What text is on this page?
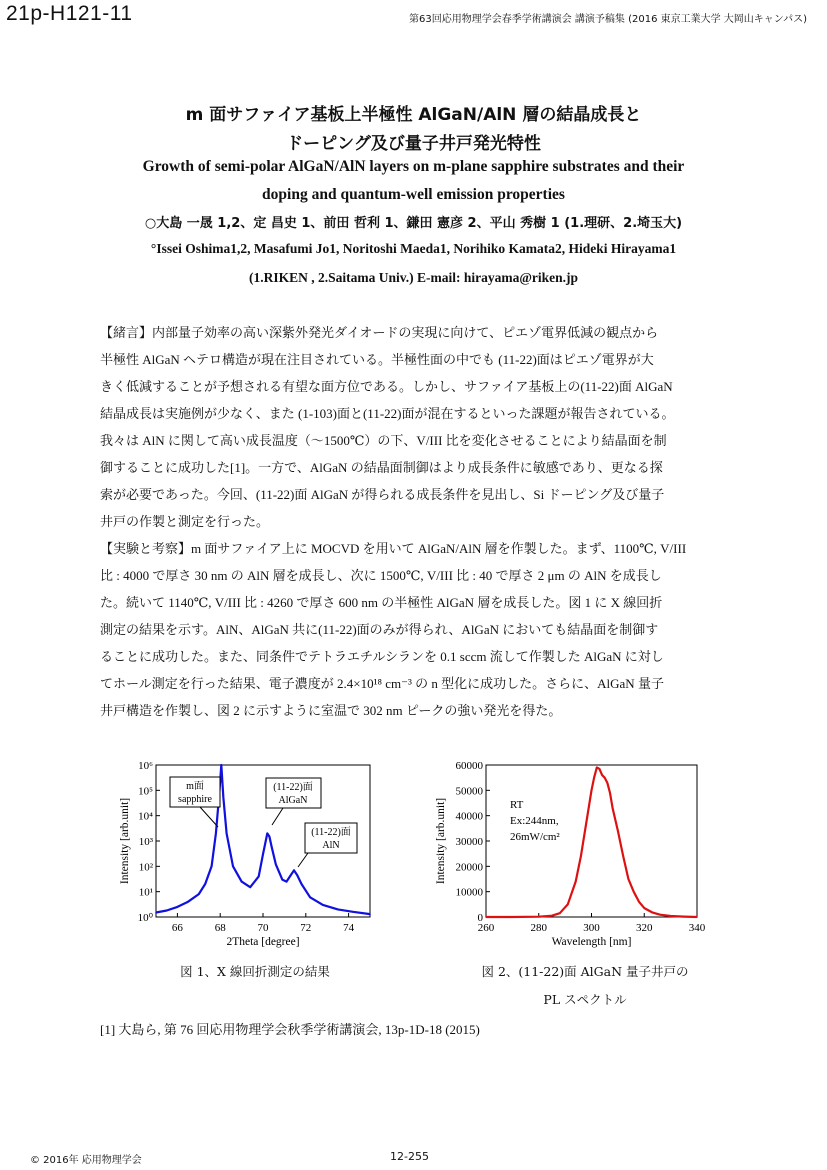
21p-H121-11	第63回応用物理学会春季学術講演会 講演予稿集 (2016 東京工業大学 大岡山キャンパス)
m 面サファイア基板上半極性 AlGaN/AlN 層の結晶成長と
ドーピング及び量子井戸発光特性
Growth of semi-polar AlGaN/AlN layers on m-plane sapphire substrates and their
doping and quantum-well emission properties
○大島 一晟 1,2、定 昌史 1、前田 哲利 1、鎌田 憲彦 2、平山 秀樹 1 (1.理研、2.埼玉大)
°Issei Oshima1,2, Masafumi Jo1, Noritoshi Maeda1, Norihiko Kamata2, Hideki Hirayama1
(1.RIKEN , 2.Saitama Univ.) E-mail: hirayama@riken.jp
【緒言】内部量子効率の高い深紫外発光ダイオードの実現に向けて、ピエゾ電界低減の観点から
半極性 AlGaN ヘテロ構造が現在注目されている。半極性面の中でも (11-22)面はピエゾ電界が大
きく低減することが予想される有望な面方位である。しかし、サファイア基板上の(11-22)面 AlGaN
結晶成長は実施例が少なく、また (1-103)面と(11-22)面が混在するといった課題が報告されている。
我々は AlN に関して高い成長温度（～1500℃）の下、V/III 比を変化させることにより結晶面を制
御することに成功した[1]。一方で、AlGaN の結晶面制御はより成長条件に敏感であり、更なる探
索が必要であった。今回、(11-22)面 AlGaN が得られる成長条件を見出し、Si ドーピング及び量子
井戸の作製と測定を行った。
【実験と考察】m 面サファイア上に MOCVD を用いて AlGaN/AlN 層を作製した。まず、1100℃, V/III
比 : 4000 で厚さ 30 nm の AlN 層を成長し、次に 1500℃, V/III 比 : 40 で厚さ 2 μm の AlN を成長し
た。続いて 1140℃, V/III 比 : 4260 で厚さ 600 nm の半極性 AlGaN 層を成長した。図 1 に X 線回折
測定の結果を示す。AlN、AlGaN 共に(11-22)面のみが得られ、AlGaN においても結晶面を制御す
ることに成功した。また、同条件でテトラエチルシランを 0.1 sccm 流して作製した AlGaN に対し
てホール測定を行った結果、電子濃度が 2.4×10¹⁸ cm⁻³ の n 型化に成功した。さらに、AlGaN 量子
井戸構造を作製し、図 2 に示すように室温で 302 nm ピークの強い発光を得た。
10⁰
10¹
10²
10³
10⁴
10⁵
10⁶
66	68	70	72	74
2Theta [degree]
Intensity [arb.unit]
m面
sapphire
(11-22)面
AlGaN
(11-22)面
AlN
0
10000
20000
30000
40000
50000
60000
260	280	300	320	340
Wavelength [nm]
Intensity [arb.unit]	RT
Ex:244nm,
26mW/cm²
図 1、X 線回折測定の結果	図 2、(11-22)面 AlGaN 量子井戸の
PL スペクトル
[1] 大島ら, 第 76 回応用物理学会秋季学術講演会, 13p-1D-18 (2015)
© 2016年 応用物理学会	12-255
